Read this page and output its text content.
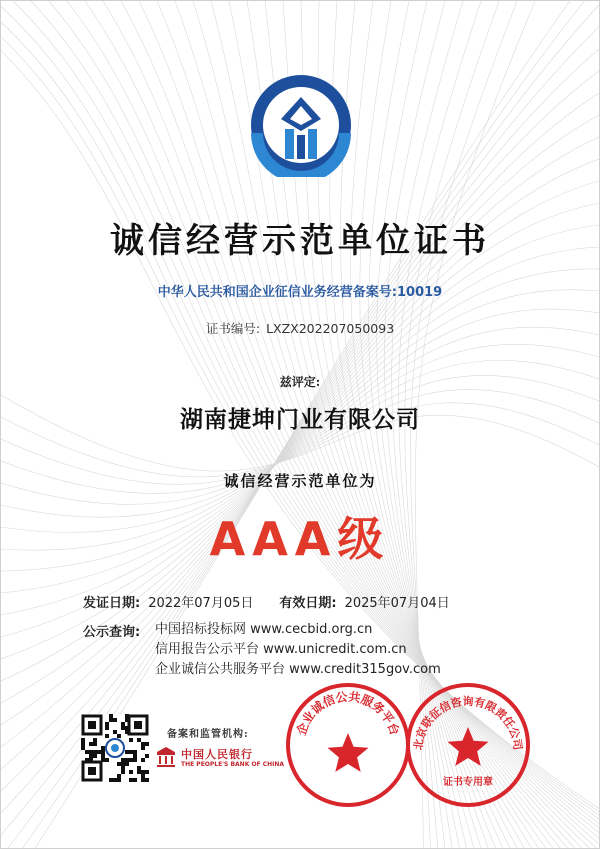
诚信经营示范单位证书
中华人民共和国企业征信业务经营备案号:10019
证书编号: LXZX202207050093
兹评定:
湖南捷坤门业有限公司
诚信经营示范单位为
AAA级
发证日期: 2022年07月05日 有效日期: 2025年07月04日
公示查询: 中国招标投标网 www.cecbid.org.cn
信用报告公示平台 www.unicredit.com.cn
企业诚信公共服务平台 www.credit315gov.com
备案和监管机构:
中国人民银行
THE PEOPLE'S BANK OF CHINA
企业诚信公共服务平台
北京联征信咨询有限责任公司
证书专用章
